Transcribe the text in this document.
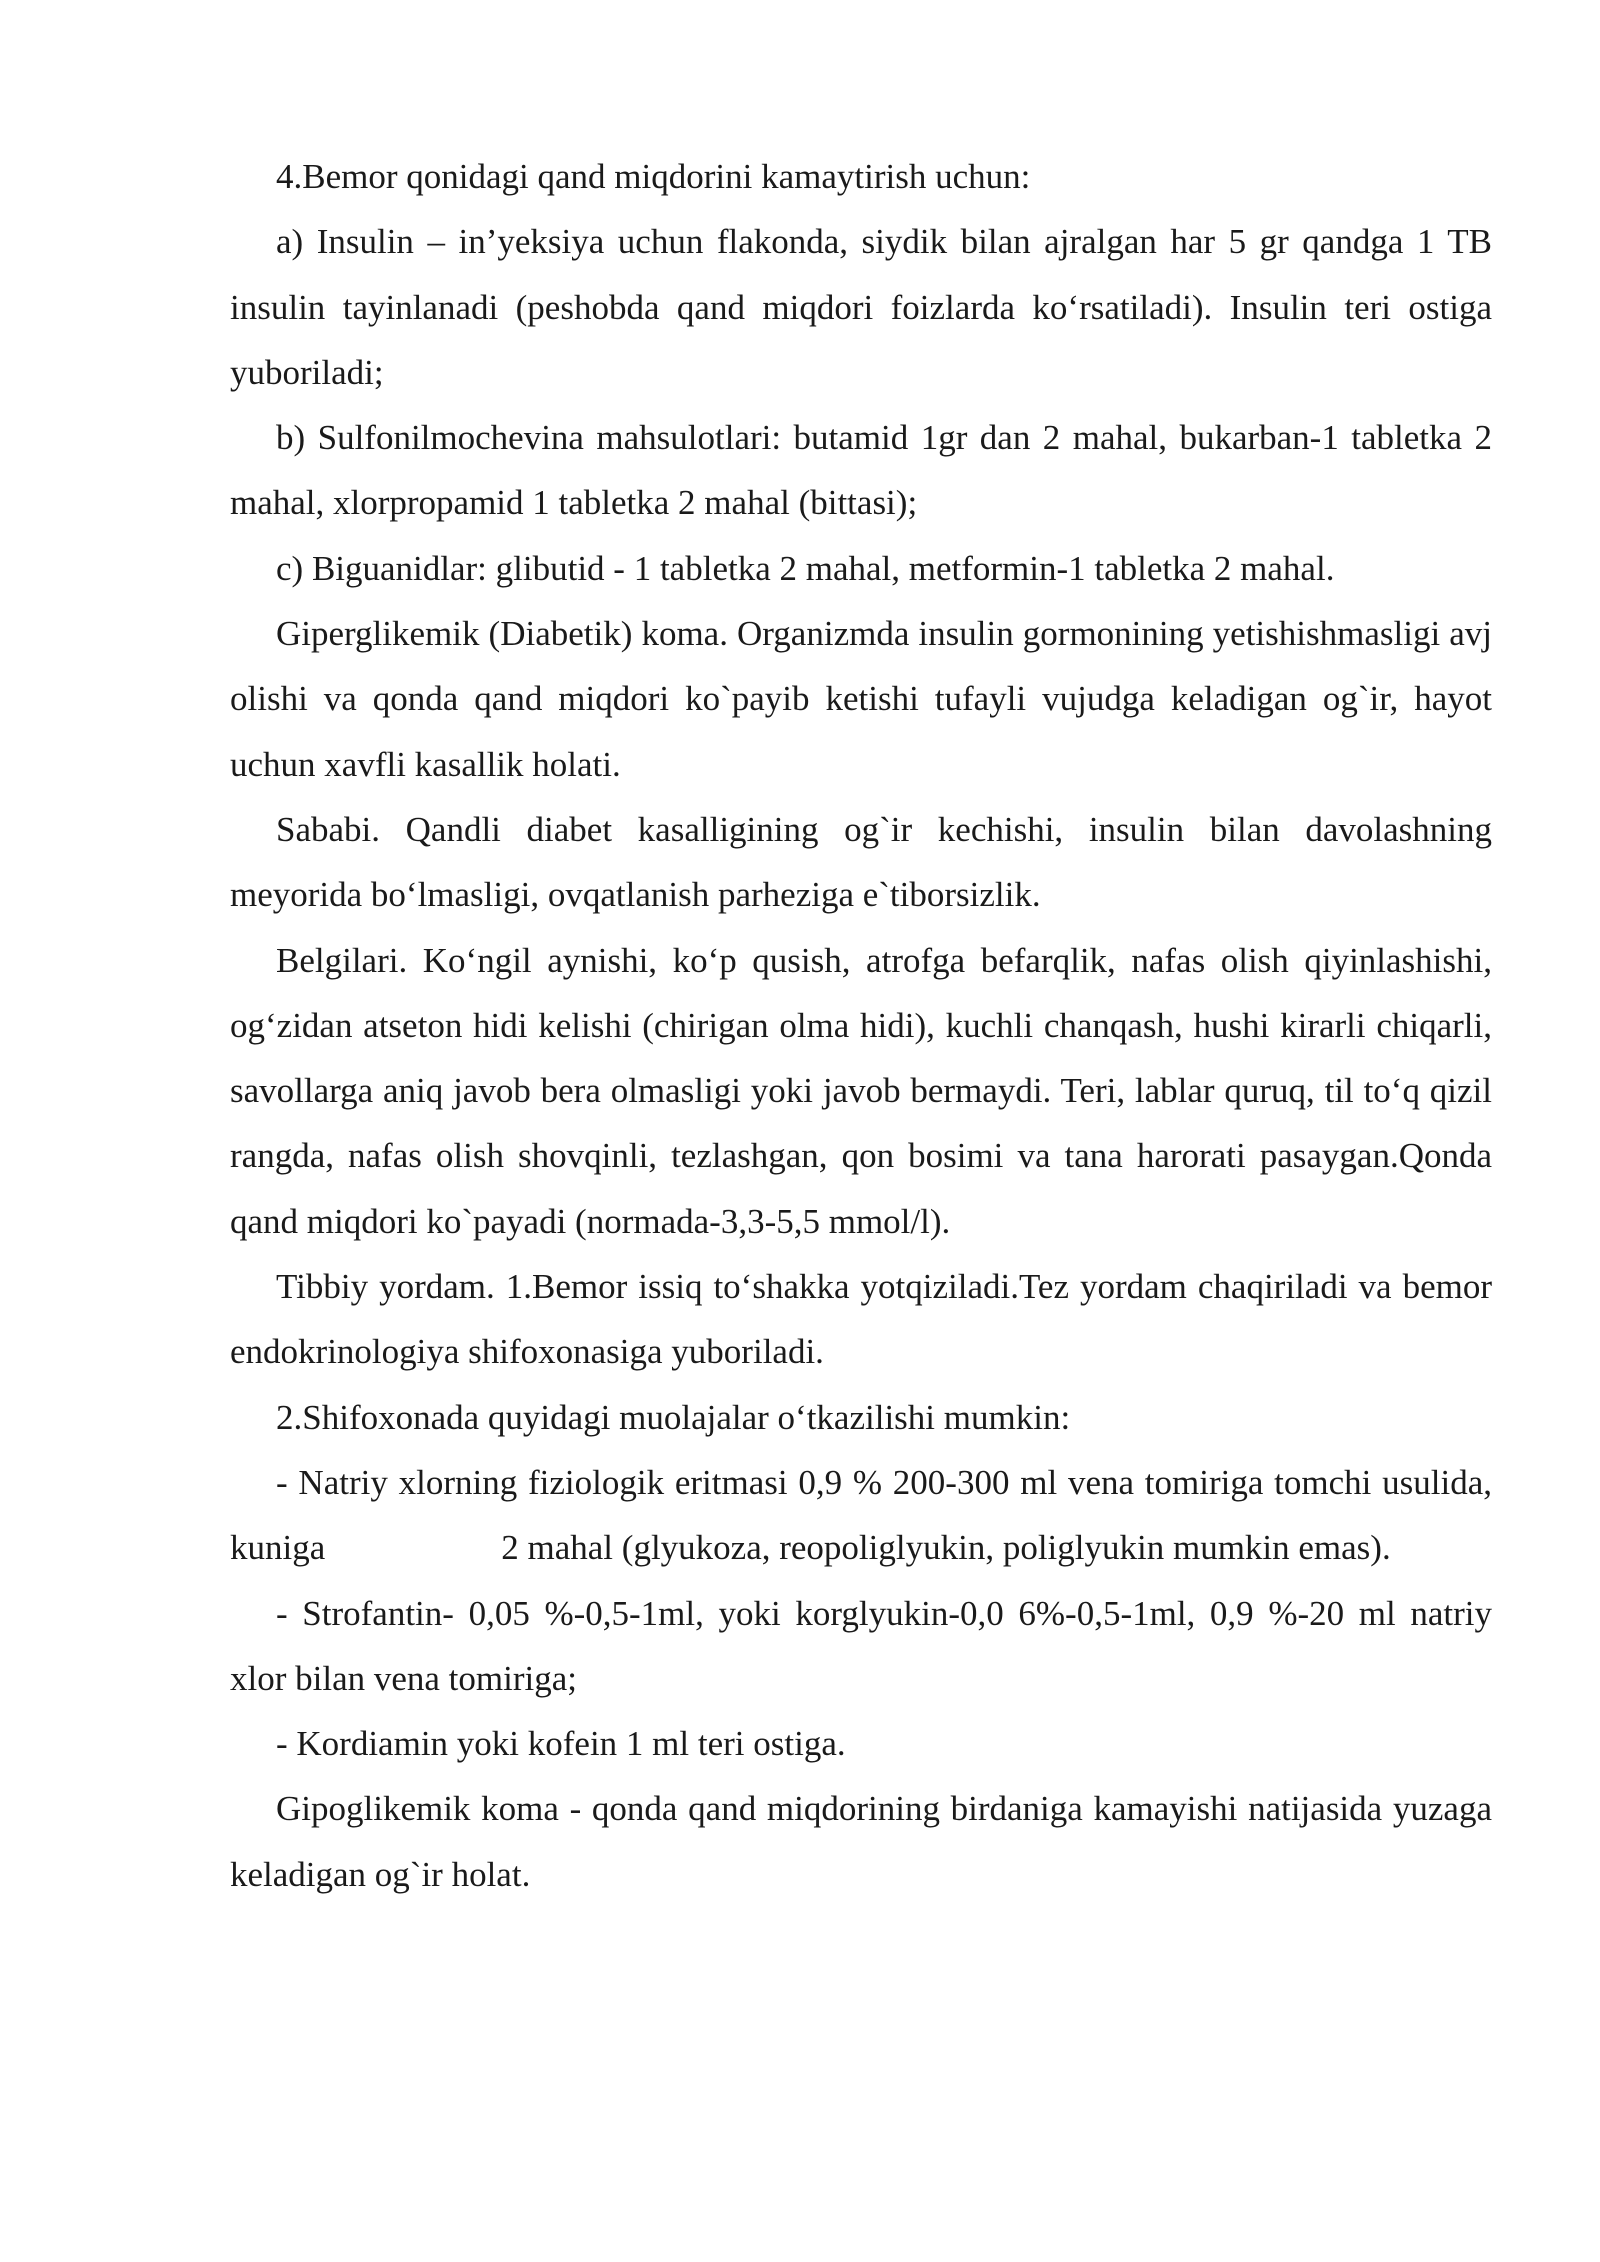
4.Bemor qonidagi qand miqdorini kamaytirish uchun:

a) Insulin – in’yeksiya uchun flakonda, siydik bilan ajralgan har 5 gr qandga 1 TB insulin tayinlanadi (peshobda qand miqdori foizlarda ko‘rsatiladi). Insulin teri ostiga yuboriladi;

b) Sulfonilmochevina mahsulotlari: butamid 1gr dan 2 mahal, bukarban-1 tabletka 2 mahal, xlorpropamid 1 tabletka 2 mahal (bittasi);

c) Biguanidlar: glibutid - 1 tabletka 2 mahal, metformin-1 tabletka 2 mahal.

Giperglikemik (Diabetik) koma. Organizmda insulin gormonining yetishishmasligi avj olishi va qonda qand miqdori ko`payib ketishi tufayli vujudga keladigan og`ir, hayot uchun xavfli kasallik holati.

Sababi. Qandli diabet kasalligining og`ir kechishi, insulin bilan davolashning meyorida bo‘lmasligi, ovqatlanish parheziga e`tiborsizlik.

Belgilari. Ko‘ngil aynishi, ko‘p qusish, atrofga befarqlik, nafas olish qiyinlashishi, og‘zidan atseton hidi kelishi (chirigan olma hidi), kuchli chanqash, hushi kirarli chiqarli, savollarga aniq javob bera olmasligi yoki javob bermaydi. Teri, lablar quruq, til to‘q qizil rangda, nafas olish shovqinli, tezlashgan, qon bosimi va tana harorati pasaygan.Qonda qand miqdori ko`payadi (normada-3,3-5,5 mmol/l).

Tibbiy yordam. 1.Bemor issiq to‘shakka yotqiziladi.Tez yordam chaqiriladi va bemor endokrinologiya shifoxonasiga yuboriladi.

2.Shifoxonada quyidagi muolajalar o‘tkazilishi mumkin:

- Natriy xlorning fiziologik eritmasi 0,9 % 200-300 ml vena tomiriga tomchi usulida, kuniga	2 mahal (glyukoza, reopoliglyukin, poliglyukin mumkin emas).

- Strofantin- 0,05 %-0,5-1ml, yoki korglyukin-0,0 6%-0,5-1ml, 0,9 %-20 ml natriy xlor bilan vena tomiriga;

- Kordiamin yoki kofein 1 ml teri ostiga.

Gipoglikemik koma - qonda qand miqdorining birdaniga kamayishi natijasida yuzaga keladigan og`ir holat.
